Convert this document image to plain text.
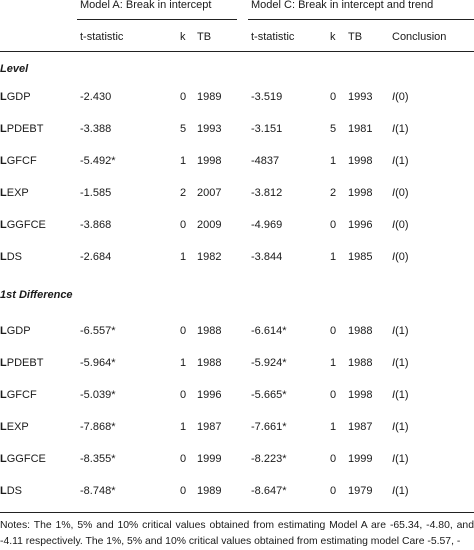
Model A: Break in intercept	Model C: Break in intercept and trend
t-statistic	k TB	t-statistic	k TB	Conclusion
Level
LGDP	-2.430	0 1989	-3.519	0 1993 I(0)
LPDEBT	-3.388	5 1993	-3.151	5 1981 I(1)
LGFCF	-5.492*	1 1998	-4837	1 1998 I(1)
LEXP	-1.585	2 2007	-3.812	2 1998 I(0)
LGGFCE	-3.868	0 2009	-4.969	0 1996 I(0)
LDS	-2.684	1 1982	-3.844	1 1985 I(0)
1st Difference
LGDP	-6.557*	0 1988	-6.614*	0 1988 I(1)
LPDEBT	-5.964*	1 1988	-5.924*	1 1988 I(1)
LGFCF	-5.039*	0 1996	-5.665*	0 1998 I(1)
LEXP	-7.868*	1 1987	-7.661*	1 1987 I(1)
LGGFCE	-8.355*	0 1999	-8.223*	0 1999 I(1)
LDS	-8.748*	0 1989	-8.647*	0 1979 I(1)
Notes: The 1%, 5% and 10% critical values obtained from estimating Model A are -65.34, -4.80, and -4.11 respectively. The 1%, 5% and 10% critical values obtained from estimating model Care -5.57, -
